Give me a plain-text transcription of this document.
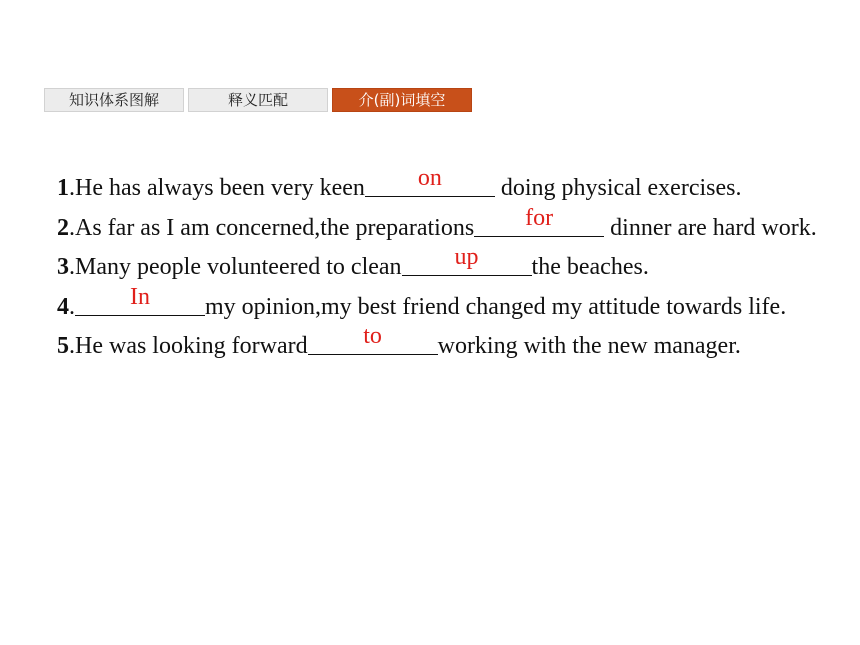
知识体系图解	释义匹配	介(副)词填空

1.He has always been very keen	on	doing physical exercises.

2.As far as I am concerned,the preparations	for	dinner are hard work.

3.Many people volunteered to clean	up	the beaches.

4.	In	my opinion,my best friend changed my attitude towards life.

5.He was looking forward	to	working with the new manager.
